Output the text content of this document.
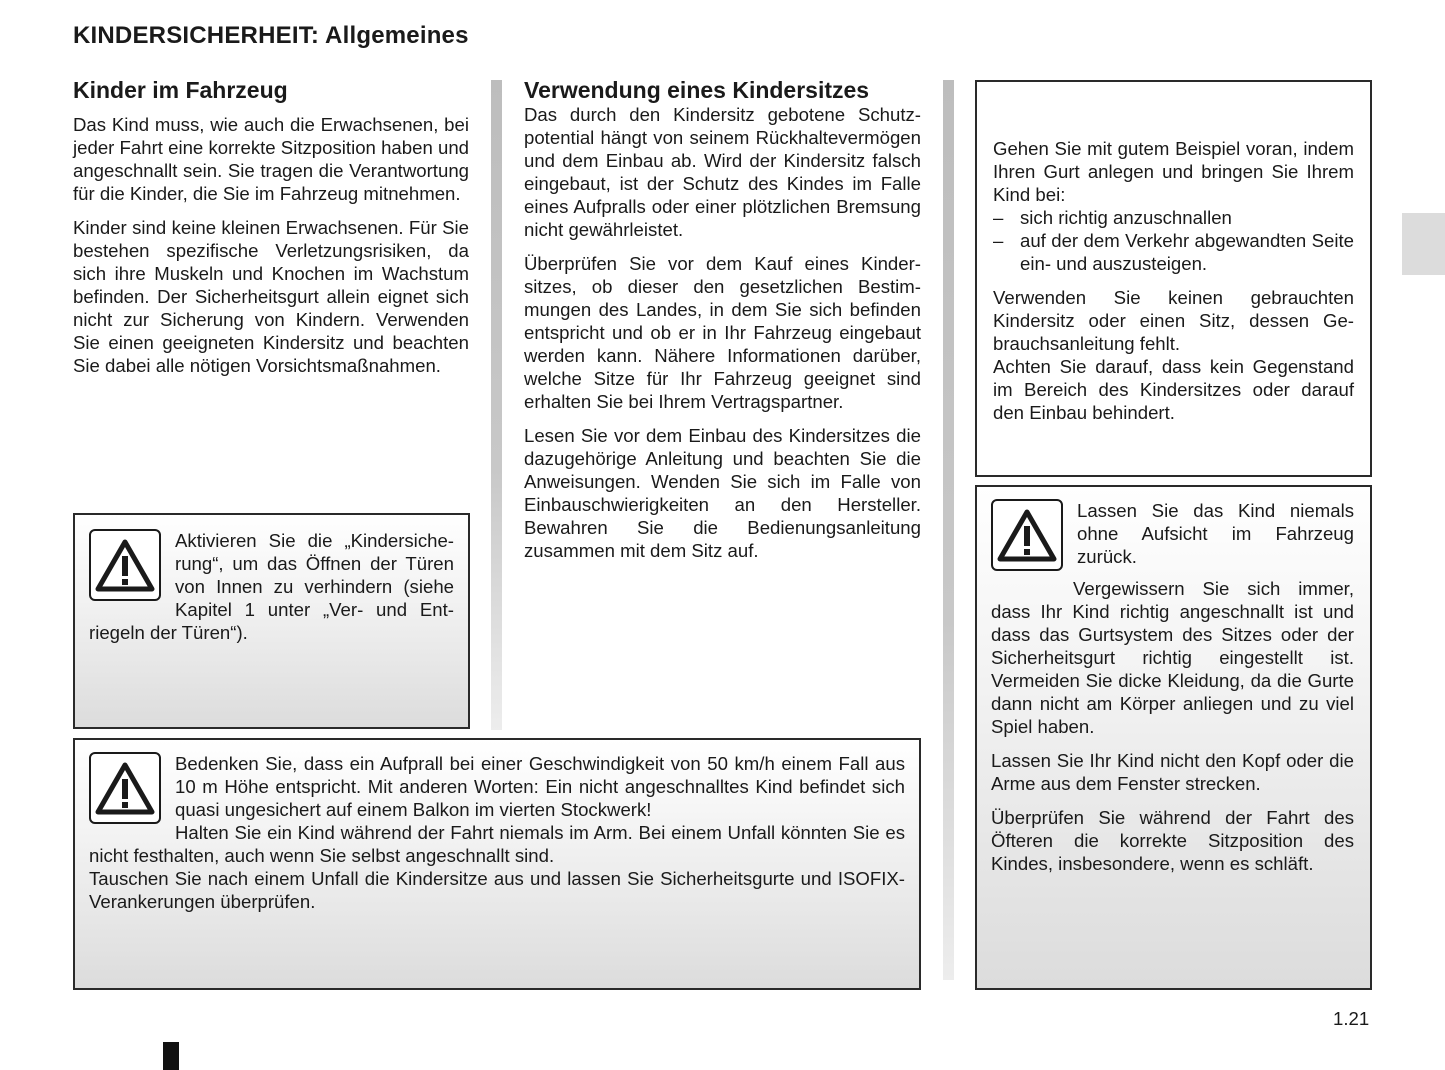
KINDERSICHERHEIT: Allgemeines
Kinder im Fahrzeug

Das Kind muss, wie auch die Erwachsenen, bei jeder Fahrt eine korrekte Sitzposition haben und angeschnallt sein. Sie tragen die Verantwortung für die Kinder, die Sie im Fahrzeug mitnehmen.

Kinder sind keine kleinen Erwachsenen. Für Sie bestehen spezifische Verletzungsrisiken, da sich ihre Muskeln und Knochen im Wachstum befinden. Der Sicherheitsgurt allein eignet sich nicht zur Sicherung von Kindern. Verwenden Sie einen geeigneten Kindersitz und beachten Sie dabei alle nötigen Vorsichtsmaßnahmen.

Aktivieren Sie die „Kindersicherung“, um das Öffnen der Türen von Innen zu verhindern (siehe Kapitel 1 unter „Ver- und Entriegeln der Türen“).

Verwendung eines Kindersitzes

Das durch den Kindersitz gebotene Schutzpotential hängt von seinem Rückhaltevermögen und dem Einbau ab. Wird der Kindersitz falsch eingebaut, ist der Schutz des Kindes im Falle eines Aufpralls oder einer plötzlichen Bremsung nicht gewährleistet.

Überprüfen Sie vor dem Kauf eines Kindersitzes, ob dieser den gesetzlichen Bestimmungen des Landes, in dem Sie sich befinden entspricht und ob er in Ihr Fahrzeug eingebaut werden kann. Nähere Informationen darüber, welche Sitze für Ihr Fahrzeug geeignet sind erhalten Sie bei Ihrem Vertragspartner.

Lesen Sie vor dem Einbau des Kindersitzes die dazugehörige Anleitung und beachten Sie die Anweisungen. Wenden Sie sich im Falle von Einbauschwierigkeiten an den Hersteller. Bewahren Sie die Bedienungsanleitung zusammen mit dem Sitz auf.

Bedenken Sie, dass ein Aufprall bei einer Geschwindigkeit von 50 km/h einem Fall aus 10 m Höhe entspricht. Mit anderen Worten: Ein nicht angeschnalltes Kind befindet sich quasi ungesichert auf einem Balkon im vierten Stockwerk!

Halten Sie ein Kind während der Fahrt niemals im Arm. Bei einem Unfall könnten Sie es nicht festhalten, auch wenn Sie selbst angeschnallt sind.

Tauschen Sie nach einem Unfall die Kindersitze aus und lassen Sie Sicherheitsgurte und ISOFIX-Verankerungen überprüfen.

Gehen Sie mit gutem Beispiel voran, indem Ihren Gurt anlegen und bringen Sie Ihrem Kind bei:

– sich richtig anzuschnallen
– auf der dem Verkehr abgewandten Seite ein- und auszusteigen.

Verwenden Sie keinen gebrauchten Kindersitz oder einen Sitz, dessen Gebrauchsanleitung fehlt.

Achten Sie darauf, dass kein Gegenstand im Bereich des Kindersitzes oder darauf den Einbau behindert.

Lassen Sie das Kind niemals ohne Aufsicht im Fahrzeug zurück.

Vergewissern Sie sich immer, dass Ihr Kind richtig angeschnallt ist und dass das Gurtsystem des Sitzes oder der Sicherheitsgurt richtig eingestellt ist. Vermeiden Sie dicke Kleidung, da die Gurte dann nicht am Körper anliegen und zu viel Spiel haben.

Lassen Sie Ihr Kind nicht den Kopf oder die Arme aus dem Fenster strecken.

Überprüfen Sie während der Fahrt des Öfteren die korrekte Sitzposition des Kindes, insbesondere, wenn es schläft.

1.21
